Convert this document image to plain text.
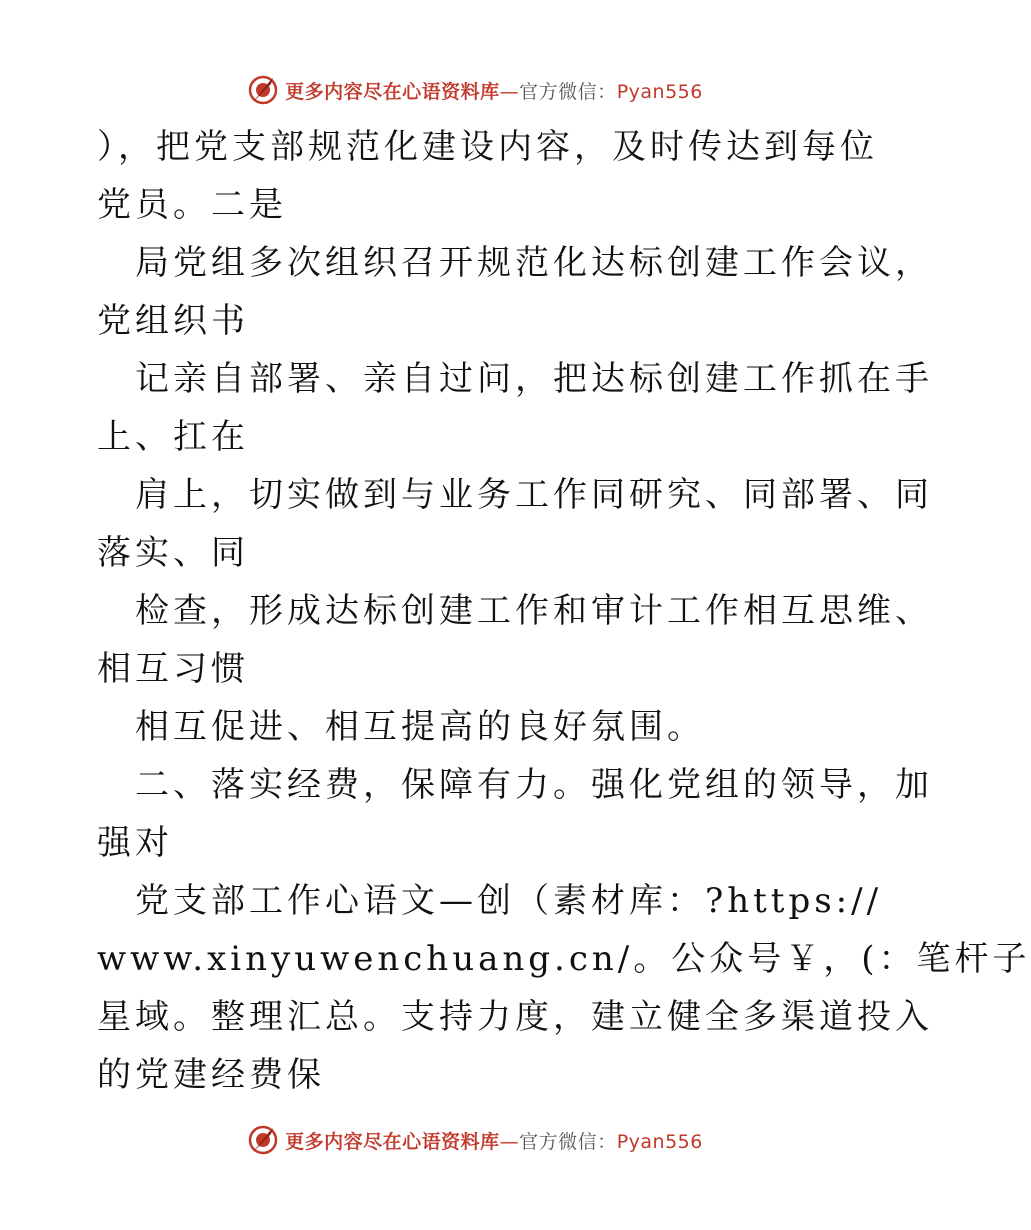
更多内容尽在心语资料库—官方微信：Pyan556
），把党支部规范化建设内容，及时传达到每位
党员。二是
局党组多次组织召开规范化达标创建工作会议，
党组织书
记亲自部署、亲自过问，把达标创建工作抓在手
上、扛在
肩上，切实做到与业务工作同研究、同部署、同
落实、同
检查，形成达标创建工作和审计工作相互思维、
相互习惯
相互促进、相互提高的良好氛围。
二、落实经费，保障有力。强化党组的领导，加
强对
党支部工作心语文—创（素材库：?https://
www.xinyuwenchuang.cn/。公众号￥，(：笔杆子
星域。整理汇总。支持力度，建立健全多渠道投入
的党建经费保
更多内容尽在心语资料库—官方微信：Pyan556
